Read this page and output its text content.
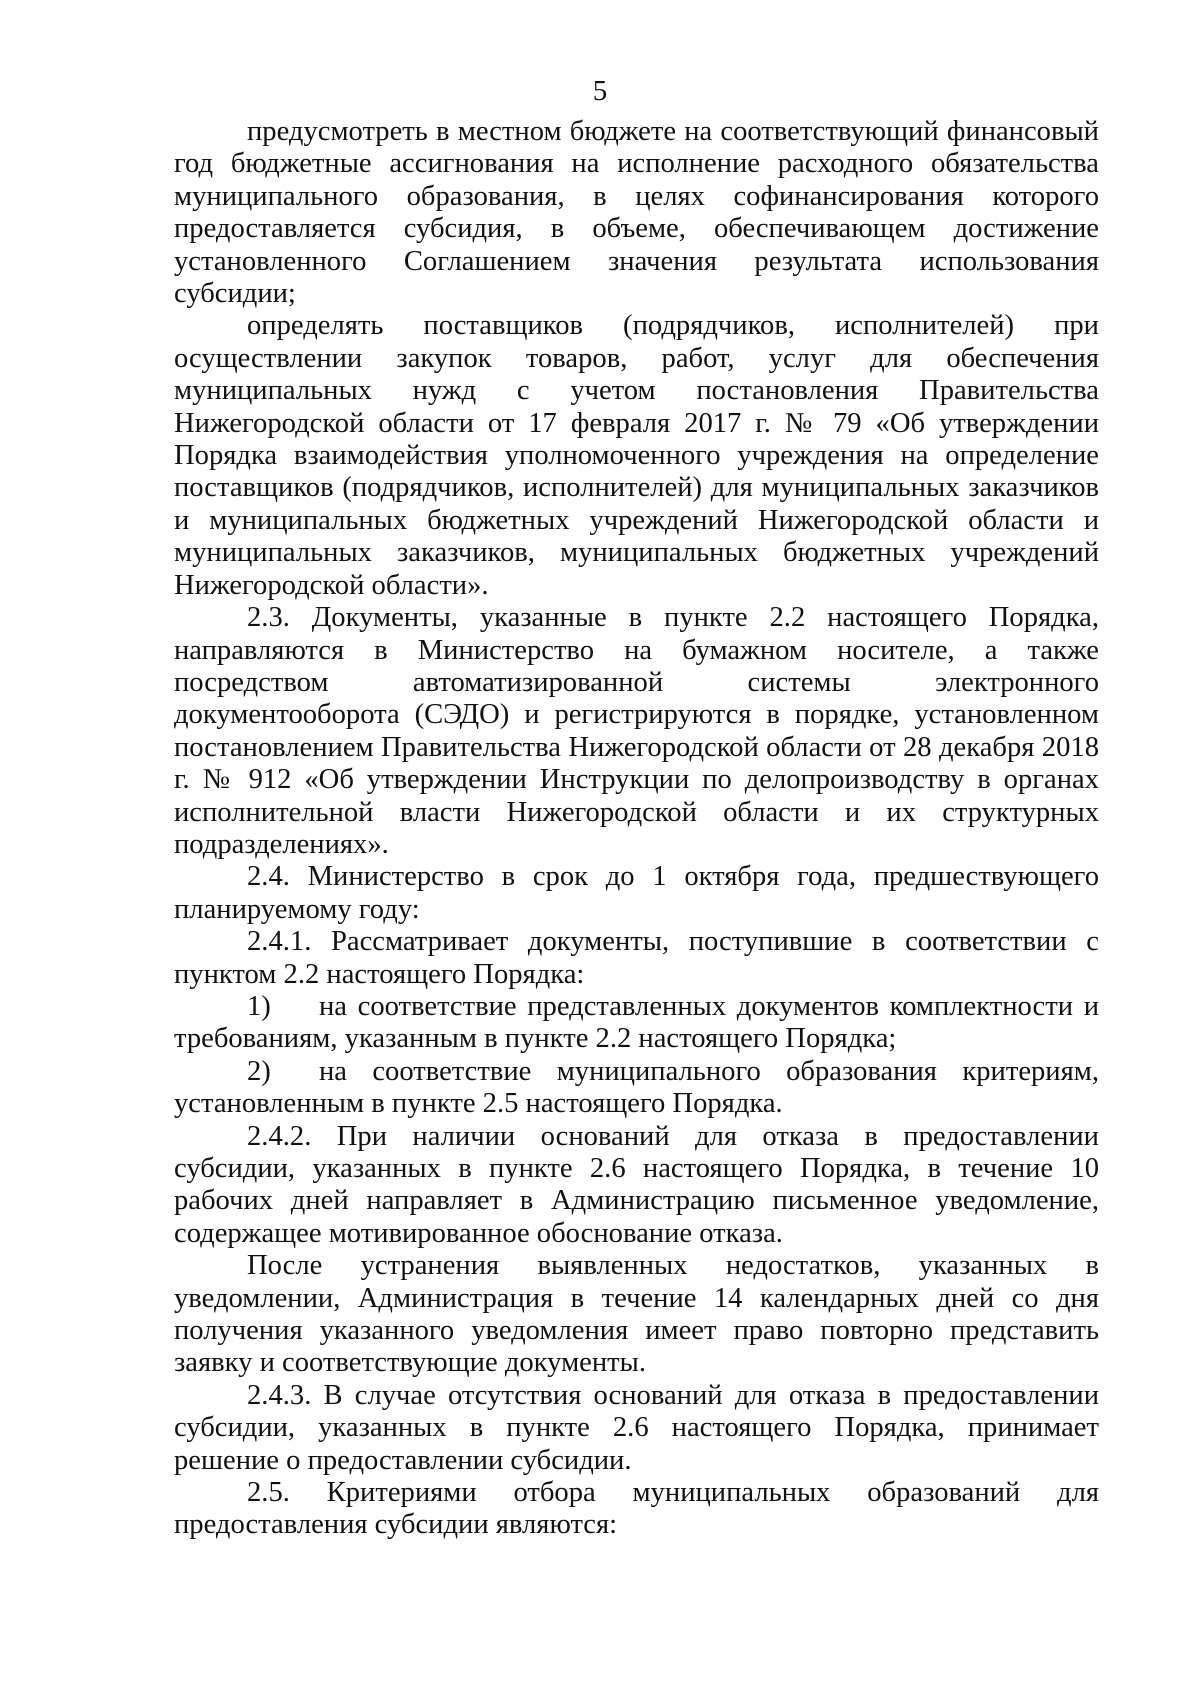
5

предусмотреть в местном бюджете на соответствующий финансовый год бюджетные ассигнования на исполнение расходного обязательства муниципального образования, в целях софинансирования которого предоставляется субсидия, в объеме, обеспечивающем достижение установленного Соглашением значения результата использования субсидии;

определять поставщиков (подрядчиков, исполнителей) при осуществлении закупок товаров, работ, услуг для обеспечения муниципальных нужд с учетом постановления Правительства Нижегородской области от 17 февраля 2017 г. № 79 «Об утверждении Порядка взаимодействия уполномоченного учреждения на определение поставщиков (подрядчиков, исполнителей) для муниципальных заказчиков и муниципальных бюджетных учреждений Нижегородской области и муниципальных заказчиков, муниципальных бюджетных учреждений Нижегородской области».

2.3. Документы, указанные в пункте 2.2 настоящего Порядка, направляются в Министерство на бумажном носителе, а также посредством автоматизированной системы электронного документооборота (СЭДО) и регистрируются в порядке, установленном постановлением Правительства Нижегородской области от 28 декабря 2018 г. № 912 «Об утверждении Инструкции по делопроизводству в органах исполнительной власти Нижегородской области и их структурных подразделениях».

2.4. Министерство в срок до 1 октября года, предшествующего планируемому году:

2.4.1. Рассматривает документы, поступившие в соответствии с пунктом 2.2 настоящего Порядка:

1) на соответствие представленных документов комплектности и требованиям, указанным в пункте 2.2 настоящего Порядка;

2) на соответствие муниципального образования критериям, установленным в пункте 2.5 настоящего Порядка.

2.4.2. При наличии оснований для отказа в предоставлении субсидии, указанных в пункте 2.6 настоящего Порядка, в течение 10 рабочих дней направляет в Администрацию письменное уведомление, содержащее мотивированное обоснование отказа.

После устранения выявленных недостатков, указанных в уведомлении, Администрация в течение 14 календарных дней со дня получения указанного уведомления имеет право повторно представить заявку и соответствующие документы.

2.4.3. В случае отсутствия оснований для отказа в предоставлении субсидии, указанных в пункте 2.6 настоящего Порядка, принимает решение о предоставлении субсидии.

2.5. Критериями отбора муниципальных образований для предоставления субсидии являются:
